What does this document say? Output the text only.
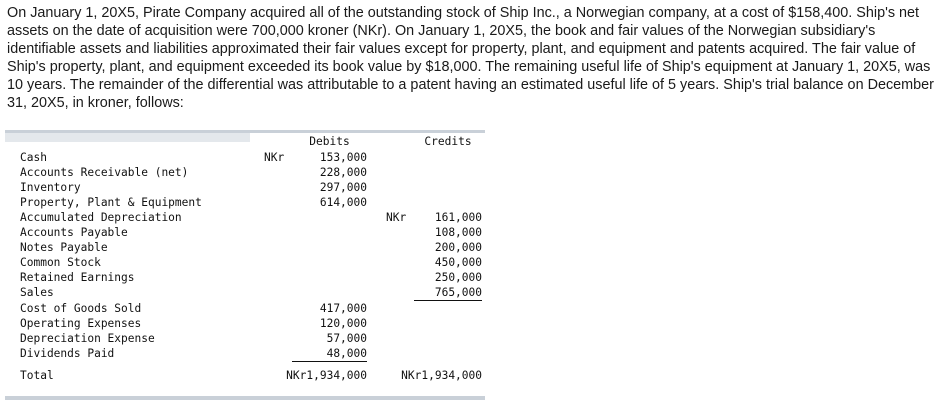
On January 1, 20X5, Pirate Company acquired all of the outstanding stock of Ship Inc., a Norwegian company, at a cost of $158,400. Ship's net assets on the date of acquisition were 700,000 kroner (NKr). On January 1, 20X5, the book and fair values of the Norwegian subsidiary's identifiable assets and liabilities approximated their fair values except for property, plant, and equipment and patents acquired. The fair value of Ship's property, plant, and equipment exceeded its book value by $18,000. The remaining useful life of Ship's equipment at January 1, 20X5, was 10 years. The remainder of the differential was attributable to a patent having an estimated useful life of 5 years. Ship's trial balance on December 31, 20X5, in kroner, follows:

		Debits			Credits
Cash	NKr	153,000			
Accounts Receivable (net)		228,000			
Inventory		297,000			
Property, Plant & Equipment		614,000			
Accumulated Depreciation				NKr	161,000
Accounts Payable					108,000
Notes Payable					200,000
Common Stock					450,000
Retained Earnings					250,000
Sales					765,000
Cost of Goods Sold		417,000			
Operating Expenses		120,000			
Depreciation Expense		57,000			
Dividends Paid		48,000			
Total	NKr1,934,000		NKr1,934,000		
